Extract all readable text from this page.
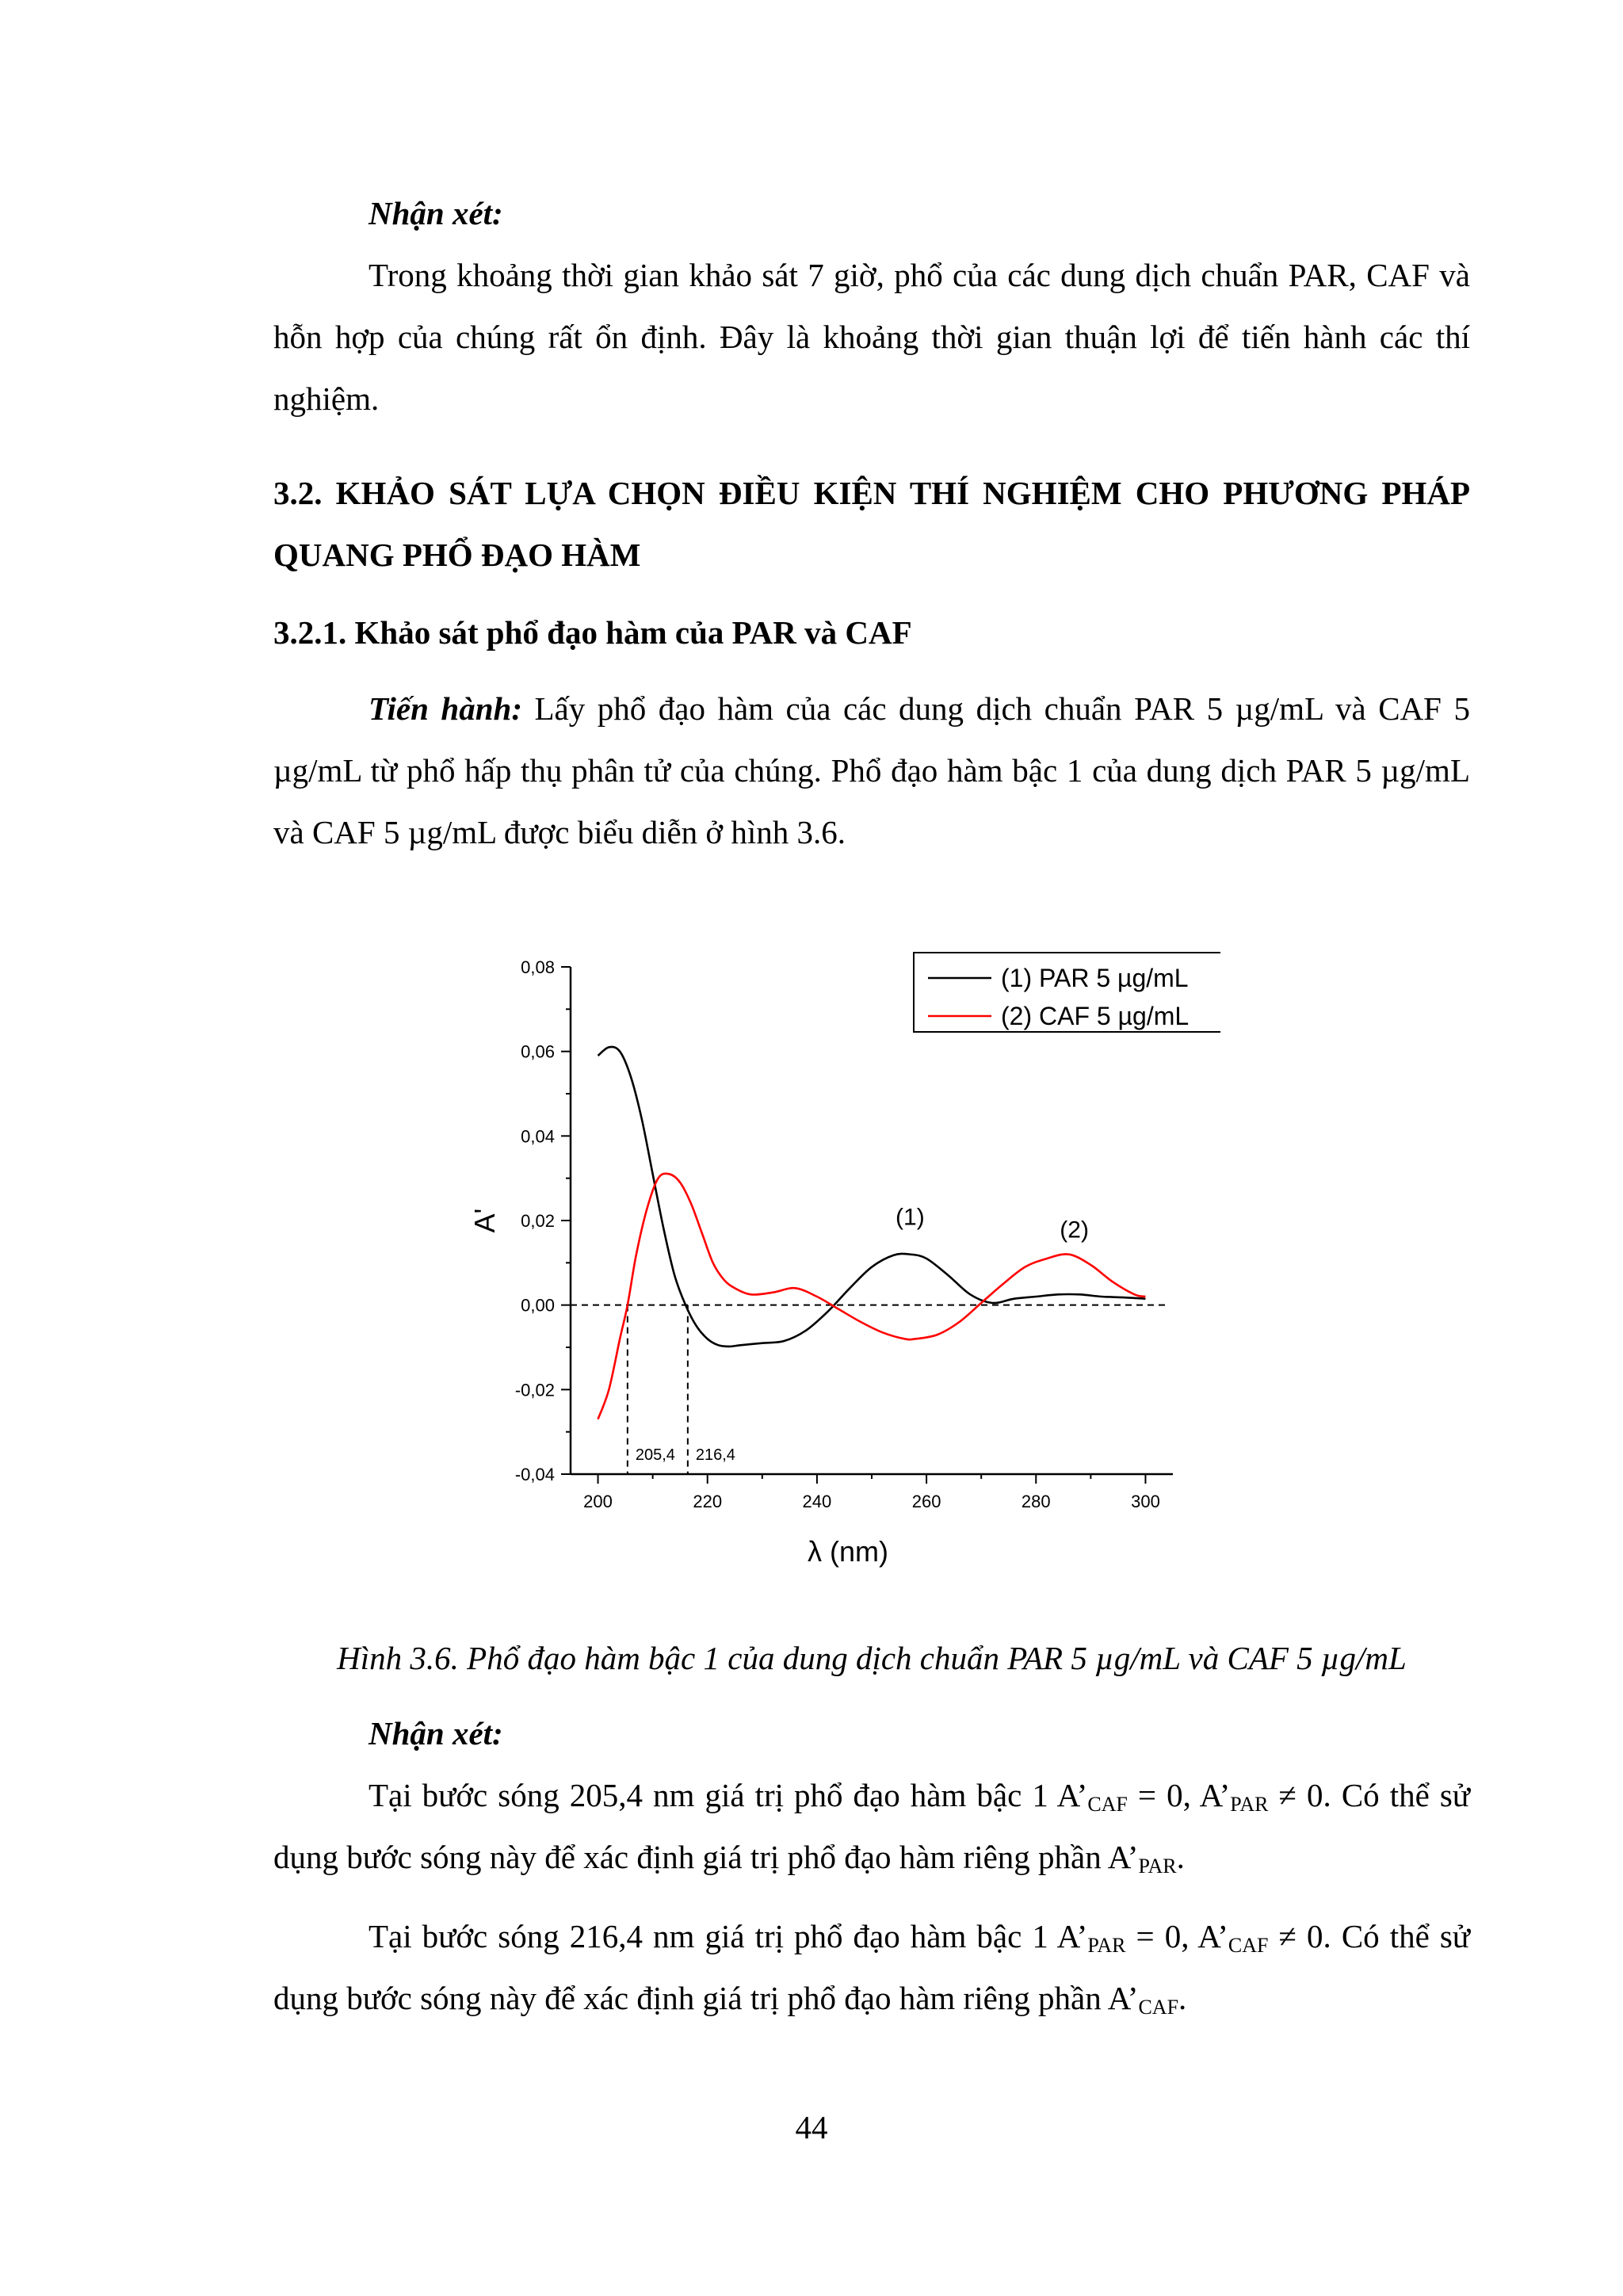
Nhận xét:

Trong khoảng thời gian khảo sát 7 giờ, phổ của các dung dịch chuẩn PAR, CAF và hỗn hợp của chúng rất ổn định. Đây là khoảng thời gian thuận lợi để tiến hành các thí nghiệm.

3.2. KHẢO SÁT LỰA CHỌN ĐIỀU KIỆN THÍ NGHIỆM CHO PHƯƠNG PHÁP QUANG PHỔ ĐẠO HÀM

3.2.1. Khảo sát phổ đạo hàm của PAR và CAF

Tiến hành: Lấy phổ đạo hàm của các dung dịch chuẩn PAR 5 µg/mL và CAF 5 µg/mL từ phổ hấp thụ phân tử của chúng. Phổ đạo hàm bậc 1 của dung dịch PAR 5 µg/mL và CAF 5 µg/mL được biểu diễn ở hình 3.6.

-0,04
-0,02
0,00
0,02
0,04
0,06
0,08
200	220	240	260	280	300
λ (nm)
A'
205,4 216,4
(1)	(2)
(1) PAR 5 µg/mL
(2) CAF 5 µg/mL
Hình 3.6. Phổ đạo hàm bậc 1 của dung dịch chuẩn PAR 5 µg/mL và CAF 5 µg/mL

Nhận xét:

Tại bước sóng 205,4 nm giá trị phổ đạo hàm bậc 1 $A’_{CAF} = 0$, $A’_{PAR} \ne 0$. Có thể sử dụng bước sóng này để xác định giá trị phổ đạo hàm riêng phần $A’_{PAR}$.

Tại bước sóng 216,4 nm giá trị phổ đạo hàm bậc 1 $A’_{PAR} = 0$, $A’_{CAF} \ne 0$. Có thể sử dụng bước sóng này để xác định giá trị phổ đạo hàm riêng phần $A’_{CAF}$.

44
